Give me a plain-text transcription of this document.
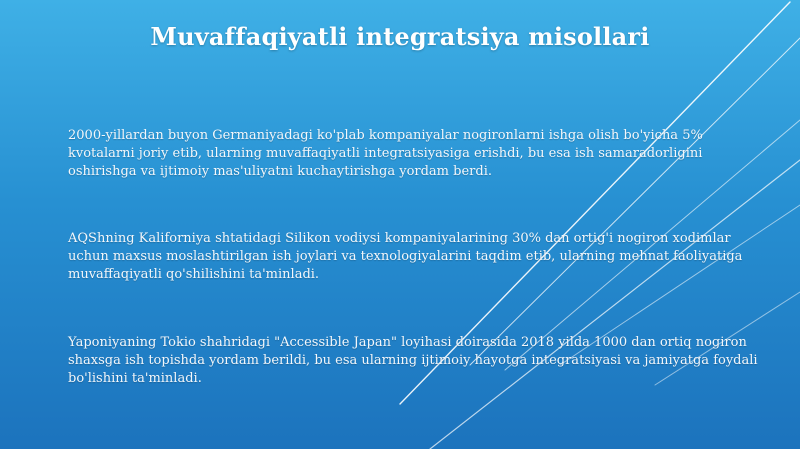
Muvaffaqiyatli integratsiya misollari
2000-yillardan buyon Germaniyadagi ko'plab kompaniyalar nogironlarni ishga olish bo'yicha 5% kvotalarni joriy etib, ularning muvaffaqiyatli integratsiyasiga erishdi, bu esa ish samaradorligini oshirishga va ijtimoiy mas'uliyatni kuchaytirishga yordam berdi.
AQShning Kaliforniya shtatidagi Silikon vodiysi kompaniyalarining 30% dan ortig'i nogiron xodimlar uchun maxsus moslashtirilgan ish joylari va texnologiyalarini taqdim etib, ularning mehnat faoliyatiga muvaffaqiyatli qo'shilishini ta'minladi.
Yaponiyaning Tokio shahridagi "Accessible Japan" loyihasi doirasida 2018 yilda 1000 dan ortiq nogiron shaxsga ish topishda yordam berildi, bu esa ularning ijtimoiy hayotga integratsiyasi va jamiyatga foydali bo'lishini ta'minladi.
